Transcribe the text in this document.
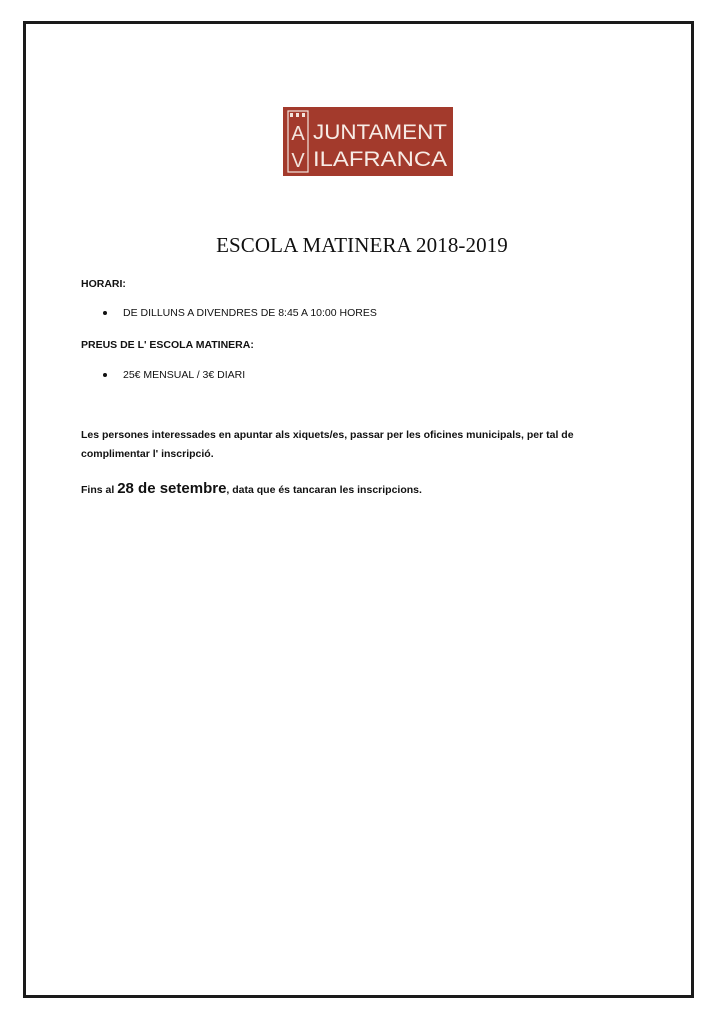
A
V
JUNTAMENT
ILAFRANCA
ESCOLA MATINERA 2018-2019
HORARI:
DE DILLUNS A DIVENDRES DE 8:45 A 10:00 HORES
PREUS DE L' ESCOLA MATINERA:
25€ MENSUAL / 3€ DIARI
Les persones interessades en apuntar als xiquets/es, passar per les oficines municipals, per tal de complimentar l' inscripció.
Fins al 28 de setembre, data que és tancaran les inscripcions.
